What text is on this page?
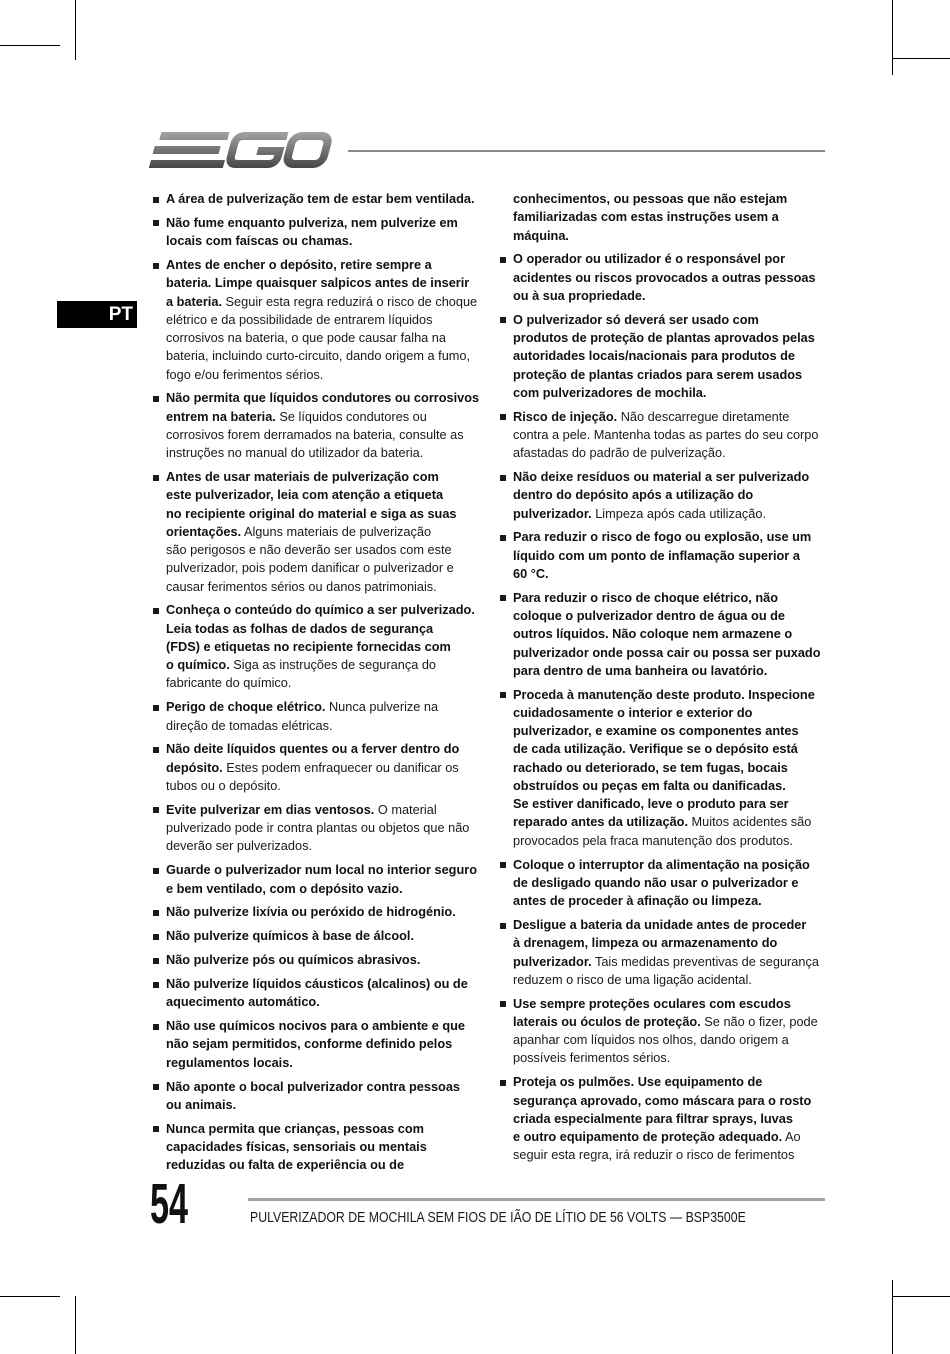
PT
A área de pulverização tem de estar bem ventilada.
Não fume enquanto pulveriza, nem pulverize em
locais com faíscas ou chamas.
Antes de encher o depósito, retire sempre a
bateria. Limpe quaisquer salpicos antes de inserir
a bateria. Seguir esta regra reduzirá o risco de choque
elétrico e da possibilidade de entrarem líquidos
corrosivos na bateria, o que pode causar falha na
bateria, incluindo curto-circuito, dando origem a fumo,
fogo e/ou ferimentos sérios.
Não permita que líquidos condutores ou corrosivos
entrem na bateria. Se líquidos condutores ou
corrosivos forem derramados na bateria, consulte as
instruções no manual do utilizador da bateria.
Antes de usar materiais de pulverização com
este pulverizador, leia com atenção a etiqueta
no recipiente original do material e siga as suas
orientações. Alguns materiais de pulverização
são perigosos e não deverão ser usados com este
pulverizador, pois podem danificar o pulverizador e
causar ferimentos sérios ou danos patrimoniais.
Conheça o conteúdo do químico a ser pulverizado.
Leia todas as folhas de dados de segurança
(FDS) e etiquetas no recipiente fornecidas com
o químico. Siga as instruções de segurança do
fabricante do químico.
Perigo de choque elétrico. Nunca pulverize na
direção de tomadas elétricas.
Não deite líquidos quentes ou a ferver dentro do
depósito. Estes podem enfraquecer ou danificar os
tubos ou o depósito.
Evite pulverizar em dias ventosos. O material
pulverizado pode ir contra plantas ou objetos que não
deverão ser pulverizados.
Guarde o pulverizador num local no interior seguro
e bem ventilado, com o depósito vazio.
Não pulverize lixívia ou peróxido de hidrogénio.
Não pulverize químicos à base de álcool.
Não pulverize pós ou químicos abrasivos.
Não pulverize líquidos cáusticos (alcalinos) ou de
aquecimento automático.
Não use químicos nocivos para o ambiente e que
não sejam permitidos, conforme definido pelos
regulamentos locais.
Não aponte o bocal pulverizador contra pessoas
ou animais.
Nunca permita que crianças, pessoas com
capacidades físicas, sensoriais ou mentais
reduzidas ou falta de experiência ou de
conhecimentos, ou pessoas que não estejam
familiarizadas com estas instruções usem a
máquina.
O operador ou utilizador é o responsável por
acidentes ou riscos provocados a outras pessoas
ou à sua propriedade.
O pulverizador só deverá ser usado com
produtos de proteção de plantas aprovados pelas
autoridades locais/nacionais para produtos de
proteção de plantas criados para serem usados
com pulverizadores de mochila.
Risco de injeção. Não descarregue diretamente
contra a pele. Mantenha todas as partes do seu corpo
afastadas do padrão de pulverização.
Não deixe resíduos ou material a ser pulverizado
dentro do depósito após a utilização do
pulverizador. Limpeza após cada utilização.
Para reduzir o risco de fogo ou explosão, use um
líquido com um ponto de inflamação superior a
60 °C.
Para reduzir o risco de choque elétrico, não
coloque o pulverizador dentro de água ou de
outros líquidos. Não coloque nem armazene o
pulverizador onde possa cair ou possa ser puxado
para dentro de uma banheira ou lavatório.
Proceda à manutenção deste produto. Inspecione
cuidadosamente o interior e exterior do
pulverizador, e examine os componentes antes
de cada utilização. Verifique se o depósito está
rachado ou deteriorado, se tem fugas, bocais
obstruídos ou peças em falta ou danificadas.
Se estiver danificado, leve o produto para ser
reparado antes da utilização. Muitos acidentes são
provocados pela fraca manutenção dos produtos.
Coloque o interruptor da alimentação na posição
de desligado quando não usar o pulverizador e
antes de proceder à afinação ou limpeza.
Desligue a bateria da unidade antes de proceder
à drenagem, limpeza ou armazenamento do
pulverizador. Tais medidas preventivas de segurança
reduzem o risco de uma ligação acidental.
Use sempre proteções oculares com escudos
laterais ou óculos de proteção. Se não o fizer, pode
apanhar com líquidos nos olhos, dando origem a
possíveis ferimentos sérios.
Proteja os pulmões. Use equipamento de
segurança aprovado, como máscara para o rosto
criada especialmente para filtrar sprays, luvas
e outro equipamento de proteção adequado. Ao
seguir esta regra, irá reduzir o risco de ferimentos
54	PULVERIZADOR DE MOCHILA SEM FIOS DE IÃO DE LÍTIO DE 56 VOLTS — BSP3500E
